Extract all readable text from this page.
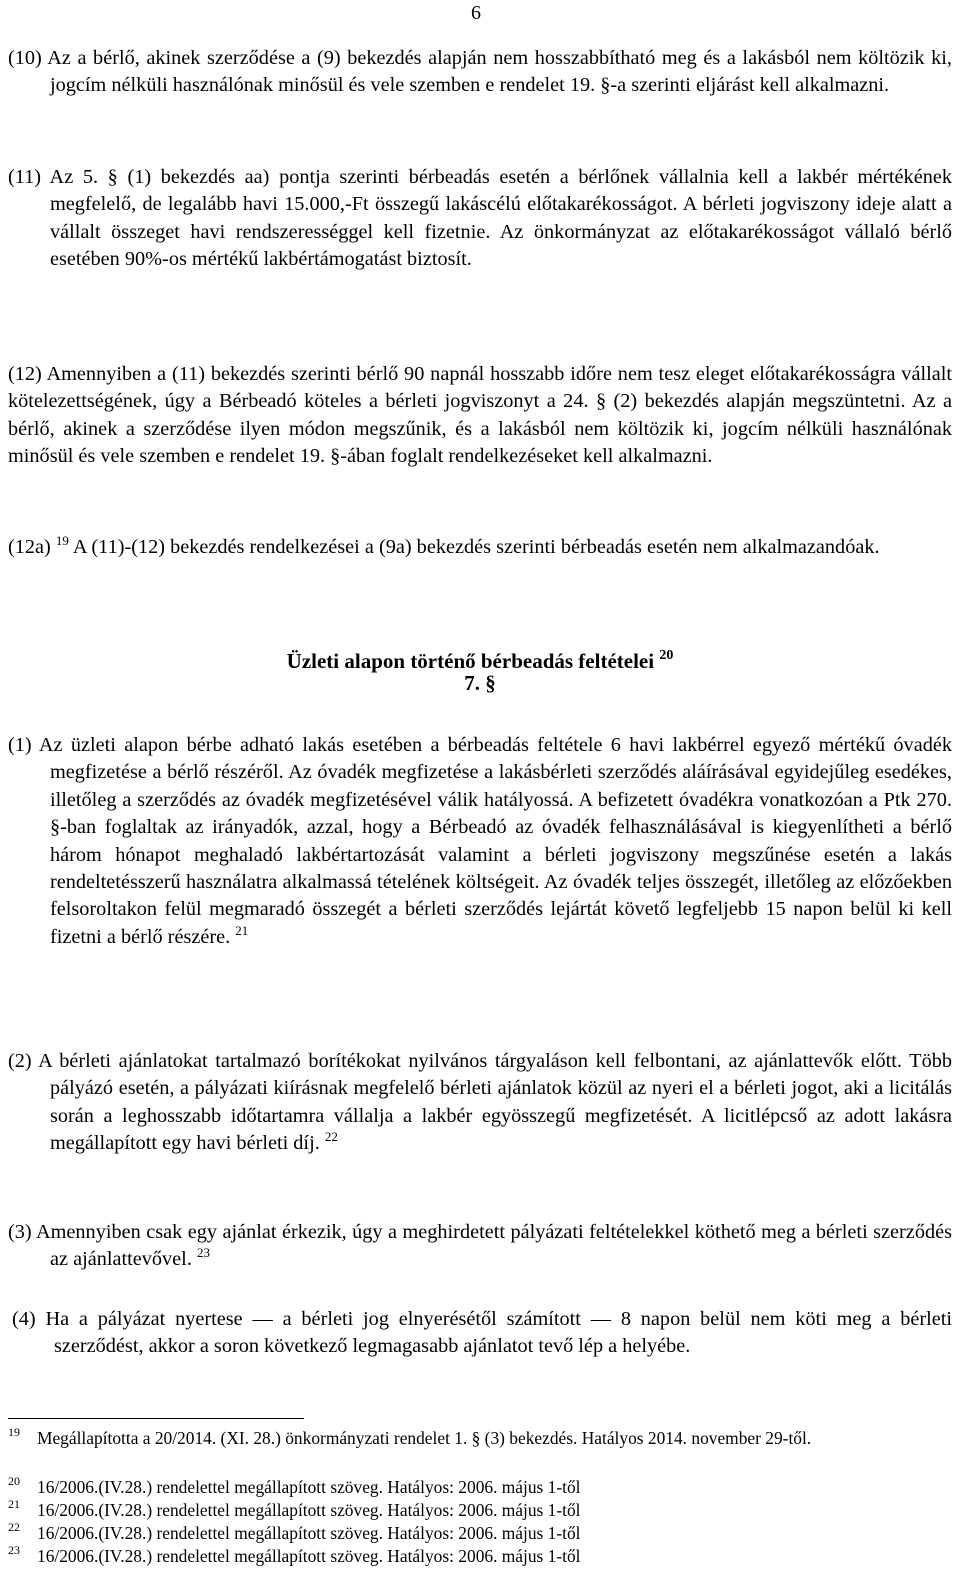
6
(10) Az a bérlő, akinek szerződése a (9) bekezdés alapján nem hosszabbítható meg és a lakásból nem költözik ki, jogcím nélküli használónak minősül és vele szemben e rendelet 19. §-a szerinti eljárást kell alkalmazni.
(11) Az 5. § (1) bekezdés aa) pontja szerinti bérbeadás esetén a bérlőnek vállalnia kell a lakbér mértékének megfelelő, de legalább havi 15.000,-Ft összegű lakáscélú előtakarékosságot. A bérleti jogviszony ideje alatt a vállalt összeget havi rendszerességgel kell fizetnie. Az önkormányzat az előtakarékosságot vállaló bérlő esetében 90%-os mértékű lakbértámogatást biztosít.
(12) Amennyiben a (11) bekezdés szerinti bérlő 90 napnál hosszabb időre nem tesz eleget előtakarékosságra vállalt kötelezettségének, úgy a Bérbeadó köteles a bérleti jogviszonyt a 24. § (2) bekezdés alapján megszüntetni. Az a bérlő, akinek a szerződése ilyen módon megszűnik, és a lakásból nem költözik ki, jogcím nélküli használónak minősül és vele szemben e rendelet 19. §-ában foglalt rendelkezéseket kell alkalmazni.
(12a) $^{19}$ A (11)-(12) bekezdés rendelkezései a (9a) bekezdés szerinti bérbeadás esetén nem alkalmazandóak.
Üzleti alapon történő bérbeadás feltételei $^{20}$
7. §
(1) Az üzleti alapon bérbe adható lakás esetében a bérbeadás feltétele 6 havi lakbérrel egyező mértékű óvadék megfizetése a bérlő részéről. Az óvadék megfizetése a lakásbérleti szerződés aláírásával egyidejűleg esedékes, illetőleg a szerződés az óvadék megfizetésével válik hatályossá. A befizetett óvadékra vonatkozóan a Ptk 270. §-ban foglaltak az irányadók, azzal, hogy a Bérbeadó az óvadék felhasználásával is kiegyenlítheti a bérlő három hónapot meghaladó lakbértartozását valamint a bérleti jogviszony megszűnése esetén a lakás rendeltetésszerű használatra alkalmassá tételének költségeit. Az óvadék teljes összegét, illetőleg az előzőekben felsoroltakon felül megmaradó összegét a bérleti szerződés lejártát követő legfeljebb 15 napon belül ki kell fizetni a bérlő részére. $^{21}$
(2) A bérleti ajánlatokat tartalmazó borítékokat nyilvános tárgyaláson kell felbontani, az ajánlattevők előtt. Több pályázó esetén, a pályázati kiírásnak megfelelő bérleti ajánlatok közül az nyeri el a bérleti jogot, aki a licitálás során a leghosszabb időtartamra vállalja a lakbér egyösszegű megfizetését. A licitlépcső az adott lakásra megállapított egy havi bérleti díj. $^{22}$
(3) Amennyiben csak egy ajánlat érkezik, úgy a meghirdetett pályázati feltételekkel köthető meg a bérleti szerződés az ajánlattevővel. $^{23}$
(4) Ha a pályázat nyertese — a bérleti jog elnyerésétől számított — 8 napon belül nem köti meg a bérleti szerződést, akkor a soron következő legmagasabb ajánlatot tevő lép a helyébe.
19 Megállapította a 20/2014. (XI. 28.) önkormányzati rendelet 1. § (3) bekezdés. Hatályos 2014. november 29-től.
20 16/2006.(IV.28.) rendelettel megállapított szöveg. Hatályos: 2006. május 1-től
21 16/2006.(IV.28.) rendelettel megállapított szöveg. Hatályos: 2006. május 1-től
22 16/2006.(IV.28.) rendelettel megállapított szöveg. Hatályos: 2006. május 1-től
23 16/2006.(IV.28.) rendelettel megállapított szöveg. Hatályos: 2006. május 1-től
